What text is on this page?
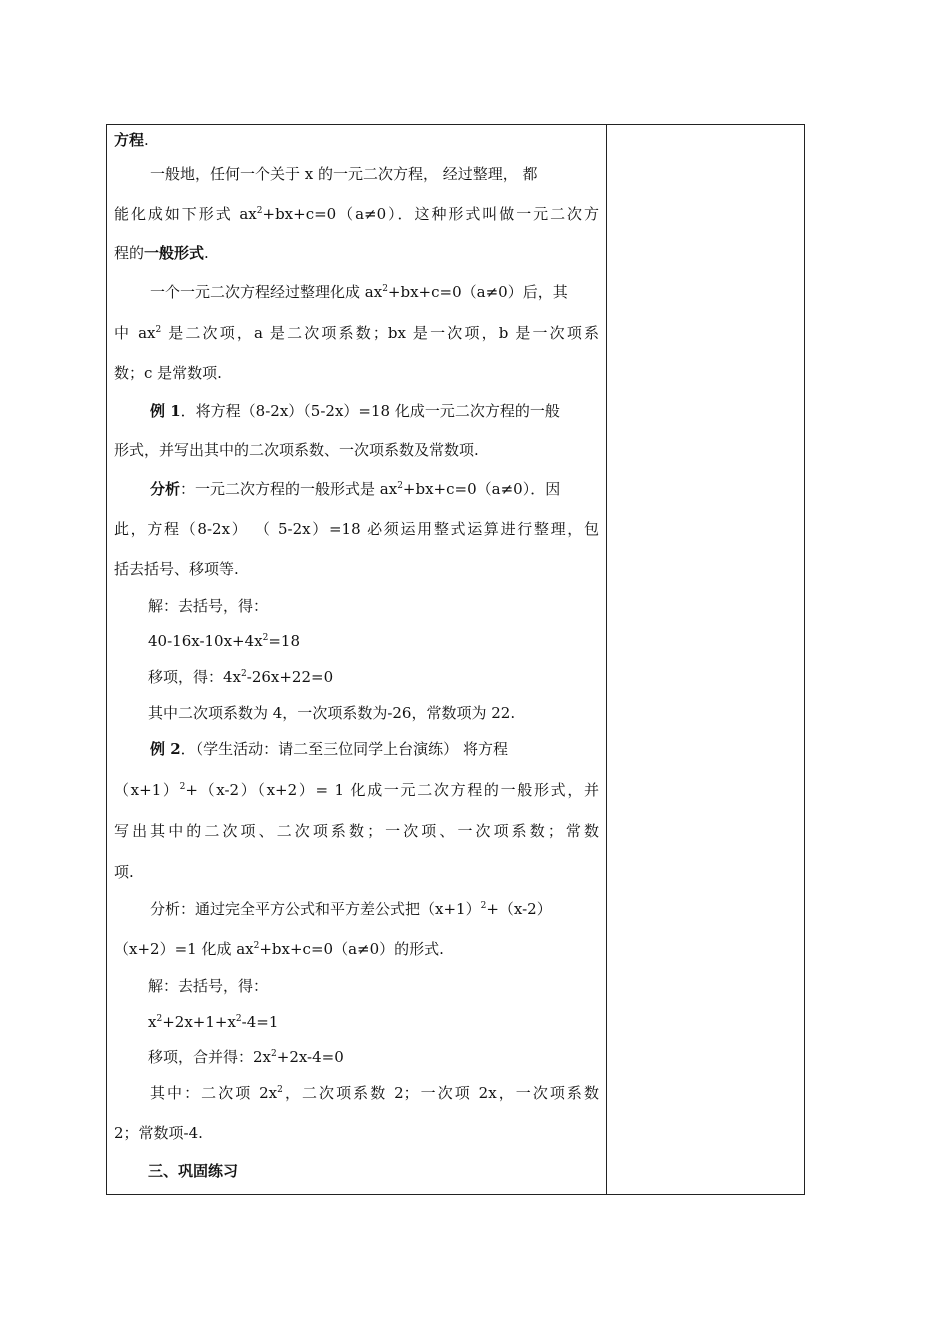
方程.
一般地，任何一个关于 x 的一元二次方程， 经过整理， 都
能化成如下形式 $ax^2+bx+c=0(a\ne 0)$．这种形式叫做一元二次方
程的一般形式.
一个一元二次方程经过整理化成 $ax^2+bx+c=0(a\ne 0)$后，其
中 $ax^2$ 是二次项，a 是二次项系数；bx 是一次项，b 是一次项系
数；c 是常数项.
例 1．将方程（8-2x）（5-2x）=18 化成一元二次方程的一般
形式，并写出其中的二次项系数、一次项系数及常数项.
分析：一元二次方程的一般形式是 $ax^2+bx+c=0(a\ne 0)$．因
此，方程（8-2x） （ 5-2x）=18 必须运用整式运算进行整理，包
括去括号、移项等.
解：去括号，得：
$40-16x-10x+4x^2=18$
移项，得：$4x^2-26x+22=0$
其中二次项系数为 4，一次项系数为-26，常数项为 22.
例 2．（学生活动：请二至三位同学上台演练） 将方程
$(x+1)^2+(x-2)(x+2)= 1$ 化成一元二次方程的一般形式，并
写出其中的二次项、二次项系数；一次项、一次项系数；常数
项.
分析：通过完全平方公式和平方差公式把$(x+1)^2+(x-2)$
（x+2）=1 化成 $ax^2+bx+c=0(a\ne 0)$的形式.
解：去括号，得：
$x^2+2x+1+x^2-4=1$
移项，合并得：$2x^2+2x-4=0$
其中：二次项 $2x^2$，二次项系数 2；一次项 2x，一次项系数
2；常数项-4.
三、巩固练习
